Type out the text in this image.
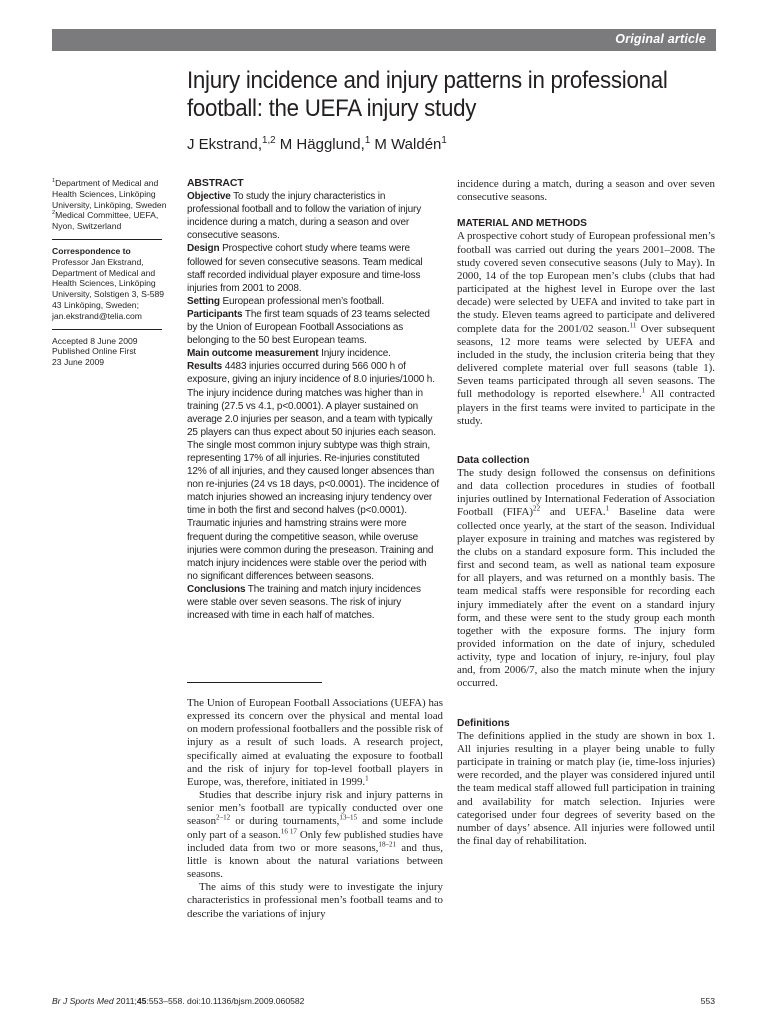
Original article
Injury incidence and injury patterns in professional football: the UEFA injury study
J Ekstrand,$^{1,2}$ M Hägglund,$^1$ M Waldén$^1$

$^1$Department of Medical and Health Sciences, Linköping University, Linköping, Sweden

$^2$Medical Committee, UEFA, Nyon, Switzerland

Correspondence to

Professor Jan Ekstrand, Department of Medical and Health Sciences, Linköping University, Solstigen 3, S-589 43 Linköping, Sweden; jan.ekstrand@telia.com

Accepted 8 June 2009

Published Online First

23 June 2009

ABSTRACT

Objective To study the injury characteristics in professional football and to follow the variation of injury incidence during a match, during a season and over consecutive seasons.

Design Prospective cohort study where teams were followed for seven consecutive seasons. Team medical staff recorded individual player exposure and time-loss injuries from 2001 to 2008.

Setting European professional men’s football.

Participants The first team squads of 23 teams selected by the Union of European Football Associations as belonging to the 50 best European teams.

Main outcome measurement Injury incidence.

Results 4483 injuries occurred during 566 000 h of exposure, giving an injury incidence of 8.0 injuries/1000 h. The injury incidence during matches was higher than in training (27.5 vs 4.1, p<0.0001). A player sustained on average 2.0 injuries per season, and a team with typically 25 players can thus expect about 50 injuries each season. The single most common injury subtype was thigh strain, representing 17% of all injuries. Re-injuries constituted 12% of all injuries, and they caused longer absences than non re-injuries (24 vs 18 days, p<0.0001). The incidence of match injuries showed an increasing injury tendency over time in both the first and second halves (p<0.0001). Traumatic injuries and hamstring strains were more frequent during the competitive season, while overuse injuries were common during the preseason. Training and match injury incidences were stable over the period with no significant differences between seasons.

Conclusions The training and match injury incidences were stable over seven seasons. The risk of injury increased with time in each half of matches.

The Union of European Football Associations (UEFA) has expressed its concern over the physical and mental load on modern professional footballers and the possible risk of injury as a result of such loads. A research project, specifically aimed at evaluating the exposure to football and the risk of injury for top-level football players in Europe, was, therefore, initiated in 1999.$^1$

Studies that describe injury risk and injury patterns in senior men’s football are typically conducted over one season$^{2-12}$ or during tournaments,$^{13-15}$ and some include only part of a season.$^{16 17}$ Only few published studies have included data from two or more seasons,$^{18-21}$ and thus, little is known about the natural variations between seasons.

The aims of this study were to investigate the injury characteristics in professional men’s football teams and to describe the variations of injury

incidence during a match, during a season and over seven consecutive seasons.

MATERIAL AND METHODS

A prospective cohort study of European professional men’s football was carried out during the years 2001–2008. The study covered seven consecutive seasons (July to May). In 2000, 14 of the top European men’s clubs (clubs that had participated at the highest level in Europe over the last decade) were selected by UEFA and invited to take part in the study. Eleven teams agreed to participate and delivered complete data for the 2001/02 season.$^{11}$ Over subsequent seasons, 12 more teams were selected by UEFA and included in the study, the inclusion criteria being that they delivered complete material over full seasons (table 1). Seven teams participated through all seven seasons. The full methodology is reported elsewhere.$^1$ All contracted players in the first teams were invited to participate in the study.

Data collection

The study design followed the consensus on definitions and data collection procedures in studies of football injuries outlined by International Federation of Association Football (FIFA)$^{22}$ and UEFA.$^1$ Baseline data were collected once yearly, at the start of the season. Individual player exposure in training and matches was registered by the clubs on a standard exposure form. This included the first and second team, as well as national team exposure for all players, and was returned on a monthly basis. The team medical staffs were responsible for recording each injury immediately after the event on a standard injury form, and these were sent to the study group each month together with the exposure forms. The injury form provided information on the date of injury, scheduled activity, type and location of injury, re-injury, foul play and, from 2006/7, also the match minute when the injury occurred.

Definitions

The definitions applied in the study are shown in box 1. All injuries resulting in a player being unable to fully participate in training or match play (ie, time-loss injuries) were recorded, and the player was considered injured until the team medical staff allowed full participation in training and availability for match selection. Injuries were categorised under four degrees of severity based on the number of days’ absence. All injuries were followed until the final day of rehabilitation.

Br J Sports Med 2011;45:553–558. doi:10.1136/bjsm.2009.060582	553
